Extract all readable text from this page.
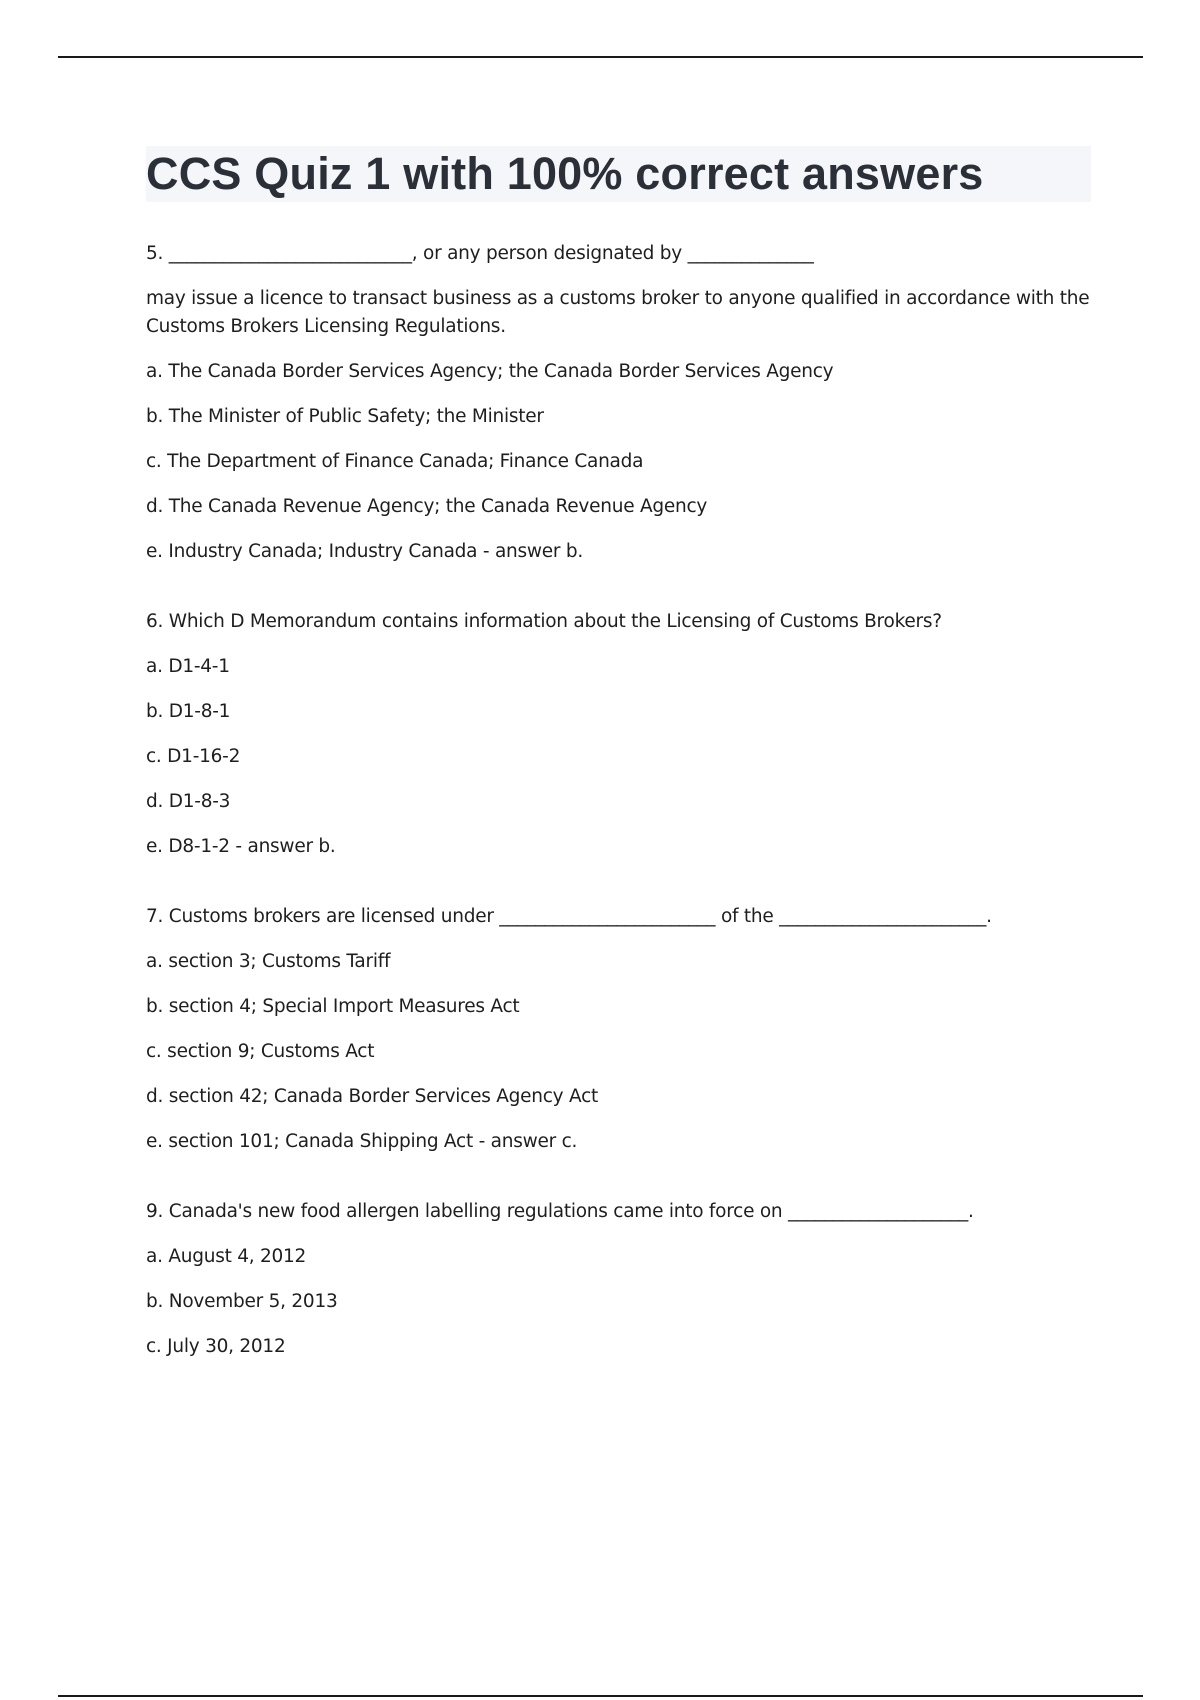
CCS Quiz 1 with 100% correct answers

5. ___________________________, or any person designated by ______________

may issue a licence to transact business as a customs broker to anyone qualified in accordance with the Customs Brokers Licensing Regulations.

a. The Canada Border Services Agency; the Canada Border Services Agency

b. The Minister of Public Safety; the Minister

c. The Department of Finance Canada; Finance Canada

d. The Canada Revenue Agency; the Canada Revenue Agency

e. Industry Canada; Industry Canada - answer b.

6. Which D Memorandum contains information about the Licensing of Customs Brokers?

a. D1-4-1

b. D1-8-1

c. D1-16-2

d. D1-8-3

e. D8-1-2 - answer b.

7. Customs brokers are licensed under ________________________ of the _______________________.

a. section 3; Customs Tariff

b. section 4; Special Import Measures Act

c. section 9; Customs Act

d. section 42; Canada Border Services Agency Act

e. section 101; Canada Shipping Act - answer c.

9. Canada's new food allergen labelling regulations came into force on ____________________.

a. August 4, 2012

b. November 5, 2013

c. July 30, 2012
